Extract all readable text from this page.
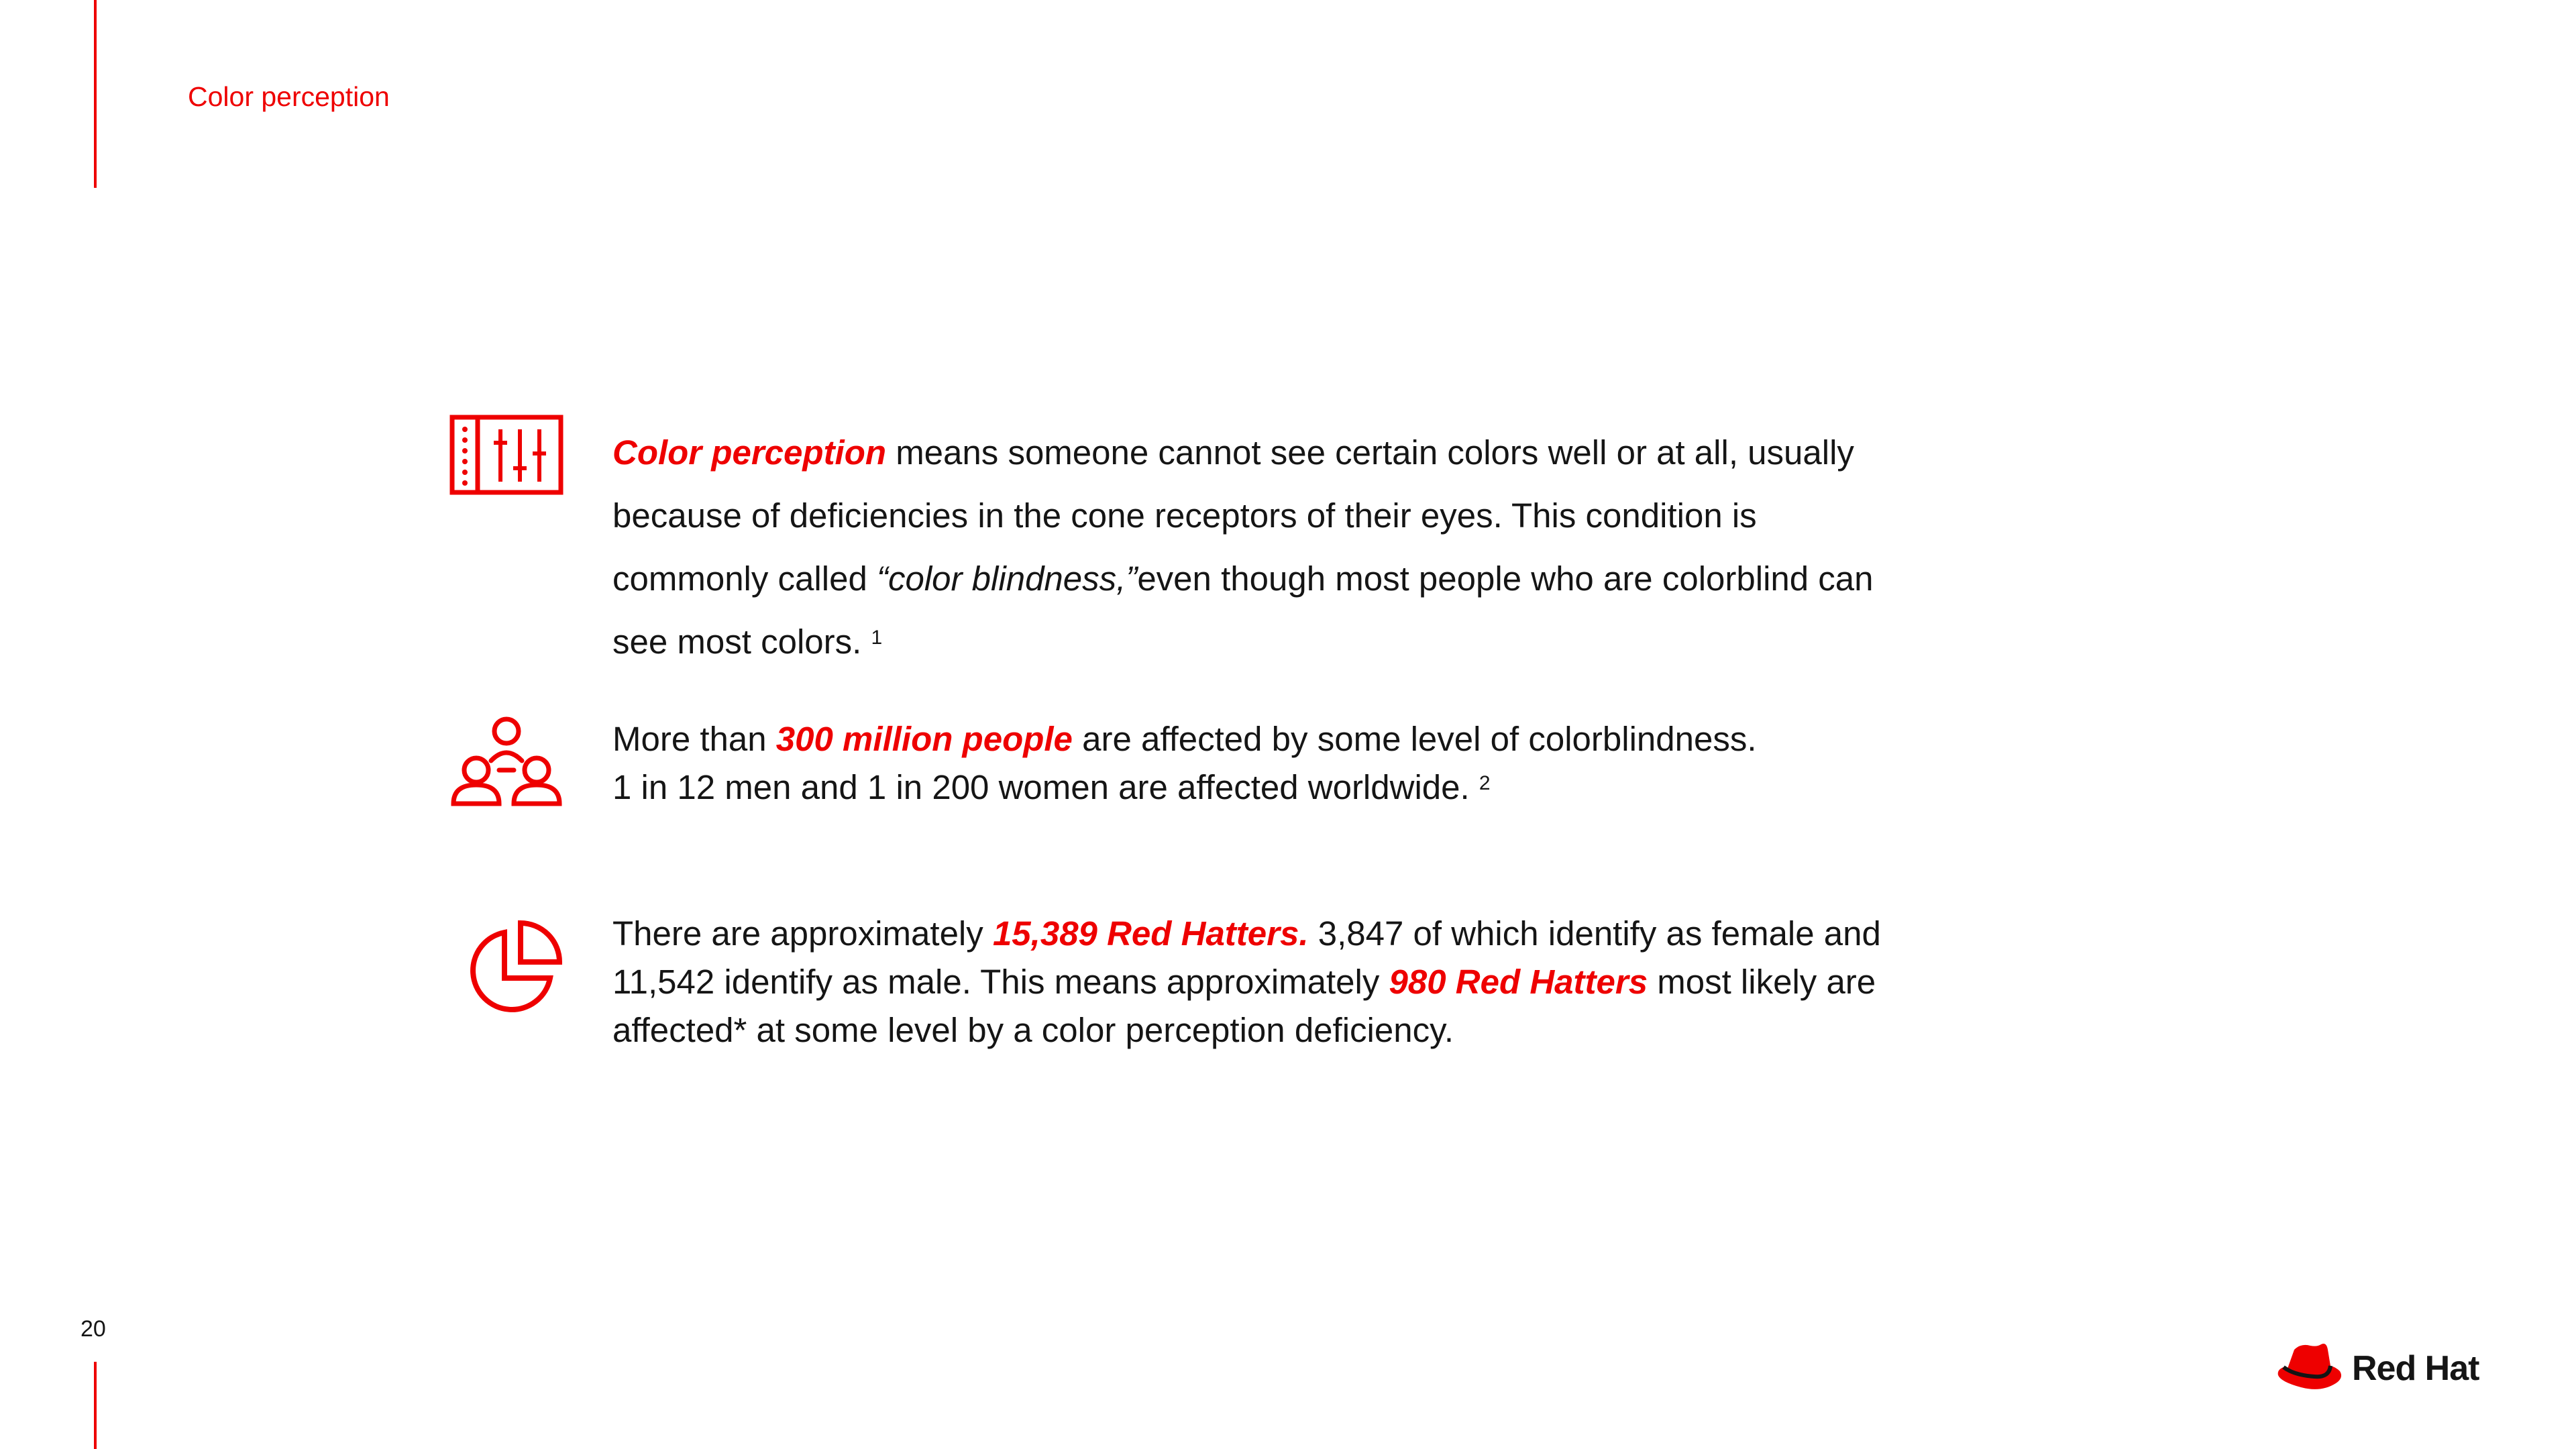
Color perception
Color perception means someone cannot see certain colors well or at all, usually
because of deficiencies in the cone receptors of their eyes. This condition is
commonly called “color blindness,”even though most people who are colorblind can
see most colors. $^1$
More than 300 million people are affected by some level of colorblindness.
1 in 12 men and 1 in 200 women are affected worldwide. $^2$
There are approximately 15,389 Red Hatters. 3,847 of which identify as female and
11,542 identify as male. This means approximately 980 Red Hatters most likely are
affected* at some level by a color perception deficiency.
20
Red Hat
